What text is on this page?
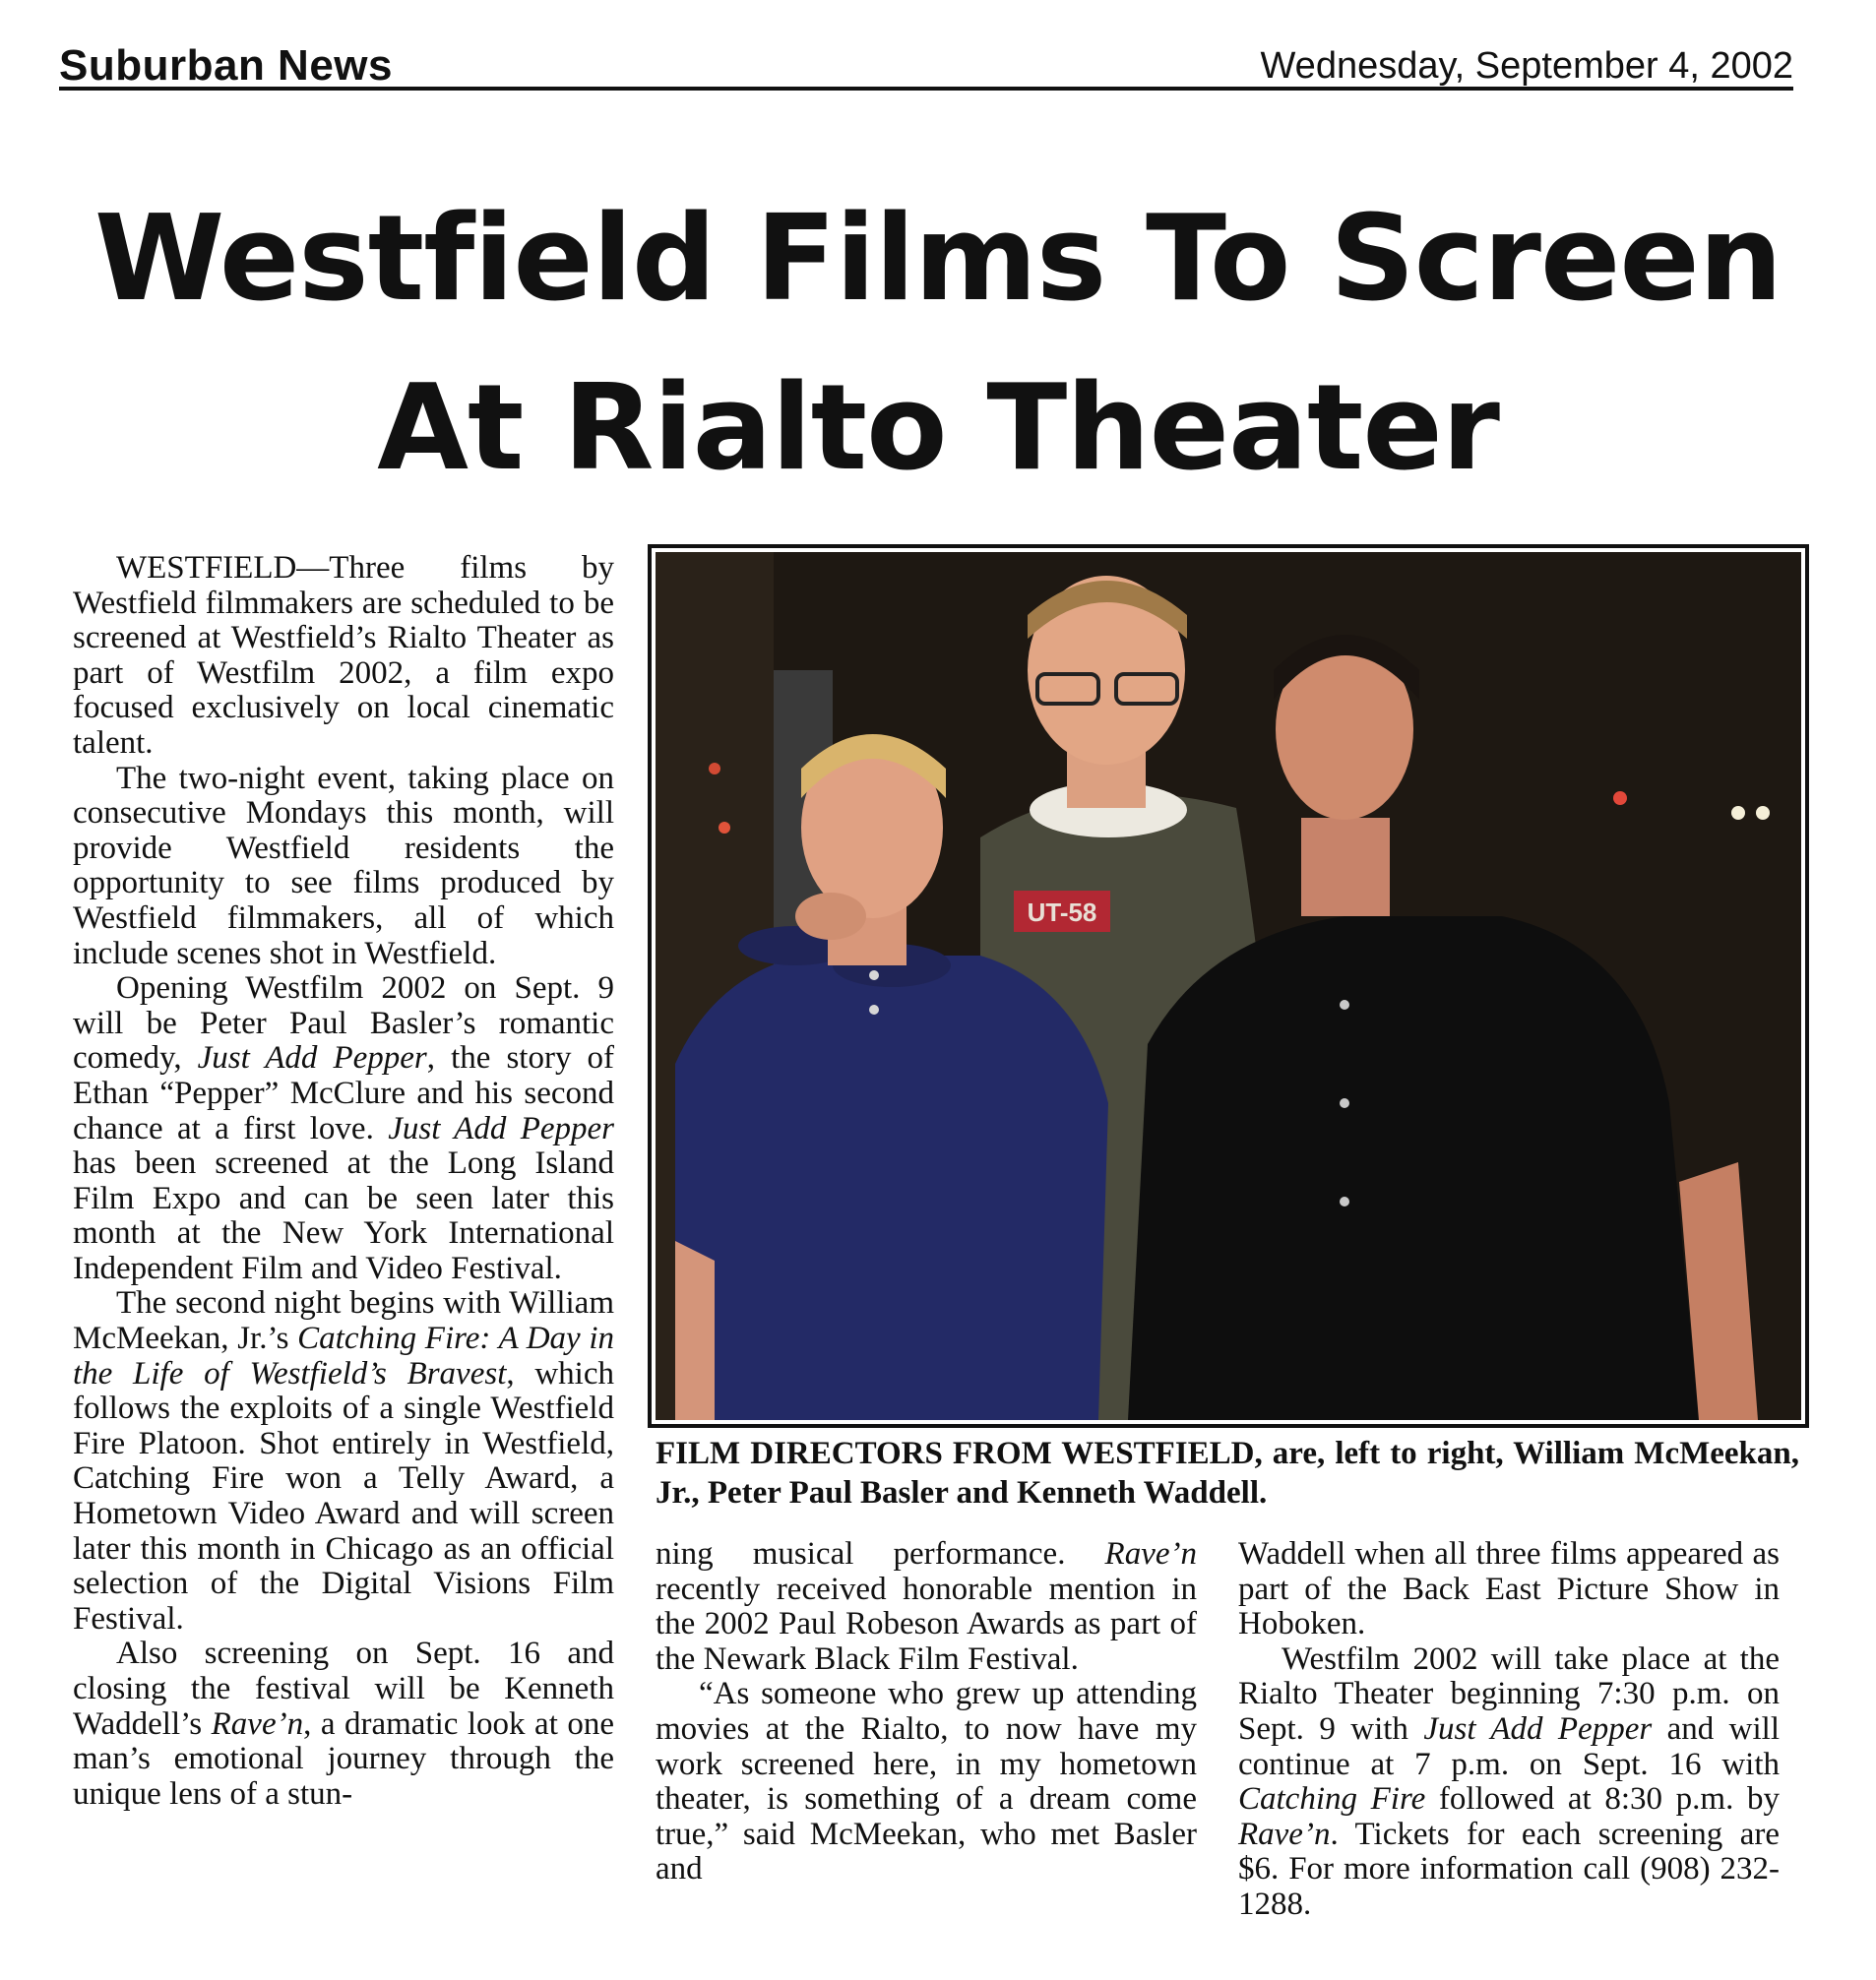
Suburban News	Wednesday, September 4, 2002
Westfield Films To Screen
At Rialto Theater

WESTFIELD—Three films by Westfield filmmakers are scheduled to be screened at Westfield’s Rialto Theater as part of Westfilm 2002, a film expo focused exclusively on local cinematic talent.

The two-night event, taking place on consecutive Mondays this month, will provide Westfield residents the opportunity to see films produced by Westfield filmmakers, all of which include scenes shot in Westfield.

Opening Westfilm 2002 on Sept. 9 will be Peter Paul Basler’s romantic comedy, Just Add Pepper, the story of Ethan “Pepper” McClure and his second chance at a first love. Just Add Pepper has been screened at the Long Island Film Expo and can be seen later this month at the New York International Independent Film and Video Festival.

The second night begins with William McMeekan, Jr.’s Catching Fire: A Day in the Life of Westfield’s Bravest, which follows the exploits of a single Westfield Fire Platoon. Shot entirely in Westfield, Catching Fire won a Telly Award, a Hometown Video Award and will screen later this month in Chicago as an official selection of the Digital Visions Film Festival.

Also screening on Sept. 16 and closing the festival will be Kenneth Waddell’s Rave’n, a dramatic look at one man’s emotional journey through the unique lens of a stun-

UT-58

FILM DIRECTORS FROM WESTFIELD, are, left to right, William McMeekan, Jr., Peter Paul Basler and Kenneth Waddell.

ning musical performance. Rave’n recently received honorable mention in the 2002 Paul Robeson Awards as part of the Newark Black Film Festival.

“As someone who grew up attending movies at the Rialto, to now have my work screened here, in my hometown theater, is something of a dream come true,” said McMeekan, who met Basler and

Waddell when all three films appeared as part of the Back East Picture Show in Hoboken.

Westfilm 2002 will take place at the Rialto Theater beginning 7:30 p.m. on Sept. 9 with Just Add Pepper and will continue at 7 p.m. on Sept. 16 with Catching Fire followed at 8:30 p.m. by Rave’n. Tickets for each screening are $6. For more information call (908) 232-1288.
